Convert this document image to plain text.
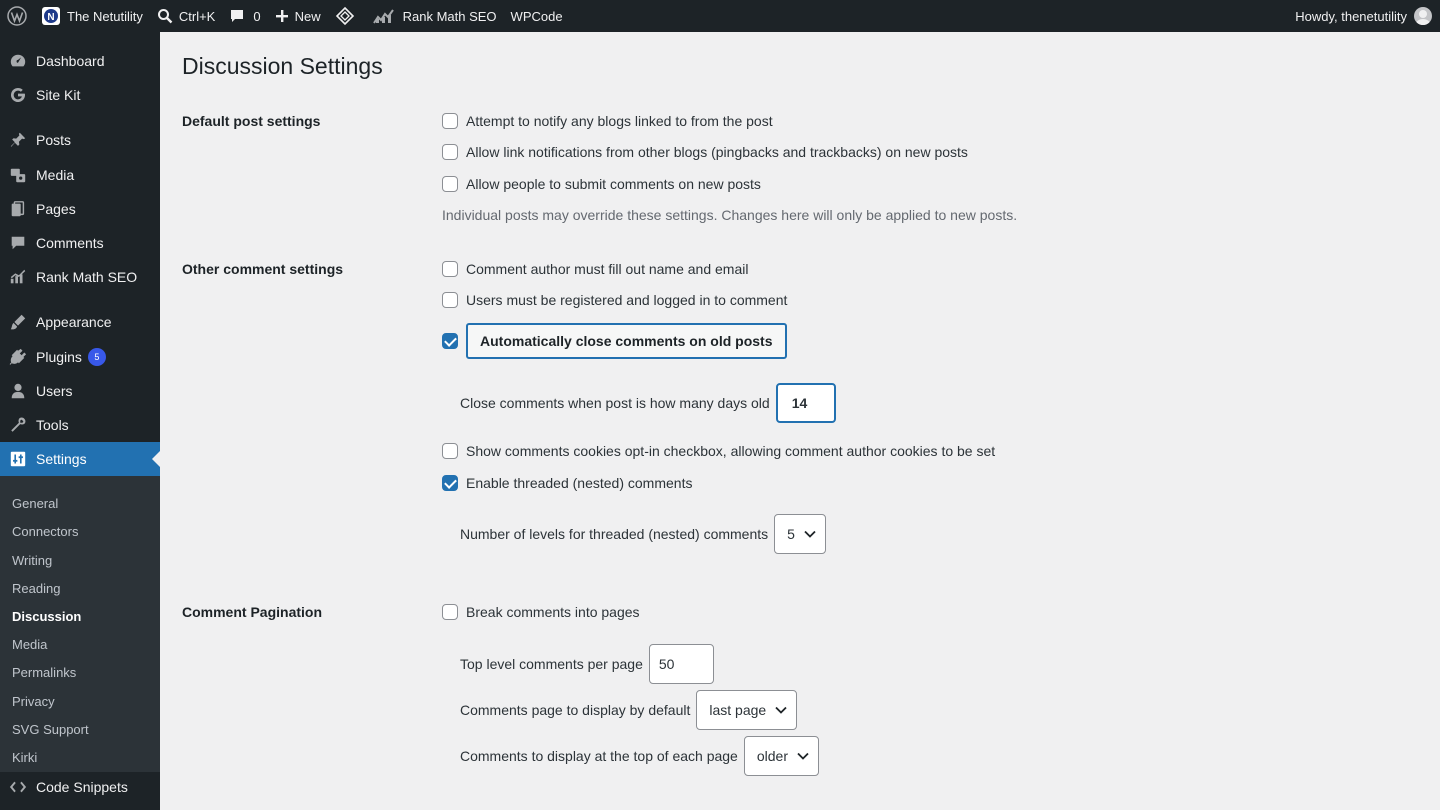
N The Netutility	Ctrl+K	0	New	Rank Math SEO WPCode	Howdy, thenetutility
Dashboard
Site Kit
Posts
Media
Pages
Comments
Rank Math SEO
Appearance
Plugins	5
Users
Tools
Settings
General
Connectors
Writing
Reading
Discussion
Media
Permalinks
Privacy
SVG Support
Kirki
Code Snippets
Discussion Settings
Default post settings	Attempt to notify any blogs linked to from the post
Allow link notifications from other blogs (pingbacks and trackbacks) on new posts
Allow people to submit comments on new posts
Individual posts may override these settings. Changes here will only be applied to new posts.
Other comment settings	Comment author must fill out name and email
Users must be registered and logged in to comment
Automatically close comments on old posts
Close comments when post is how many days old	14
Show comments cookies opt-in checkbox, allowing comment author cookies to be set
Enable threaded (nested) comments
Number of levels for threaded (nested) comments 5
Comment Pagination	Break comments into pages
Top level comments per page	50
Comments page to display by default last page
Comments to display at the top of each page older
